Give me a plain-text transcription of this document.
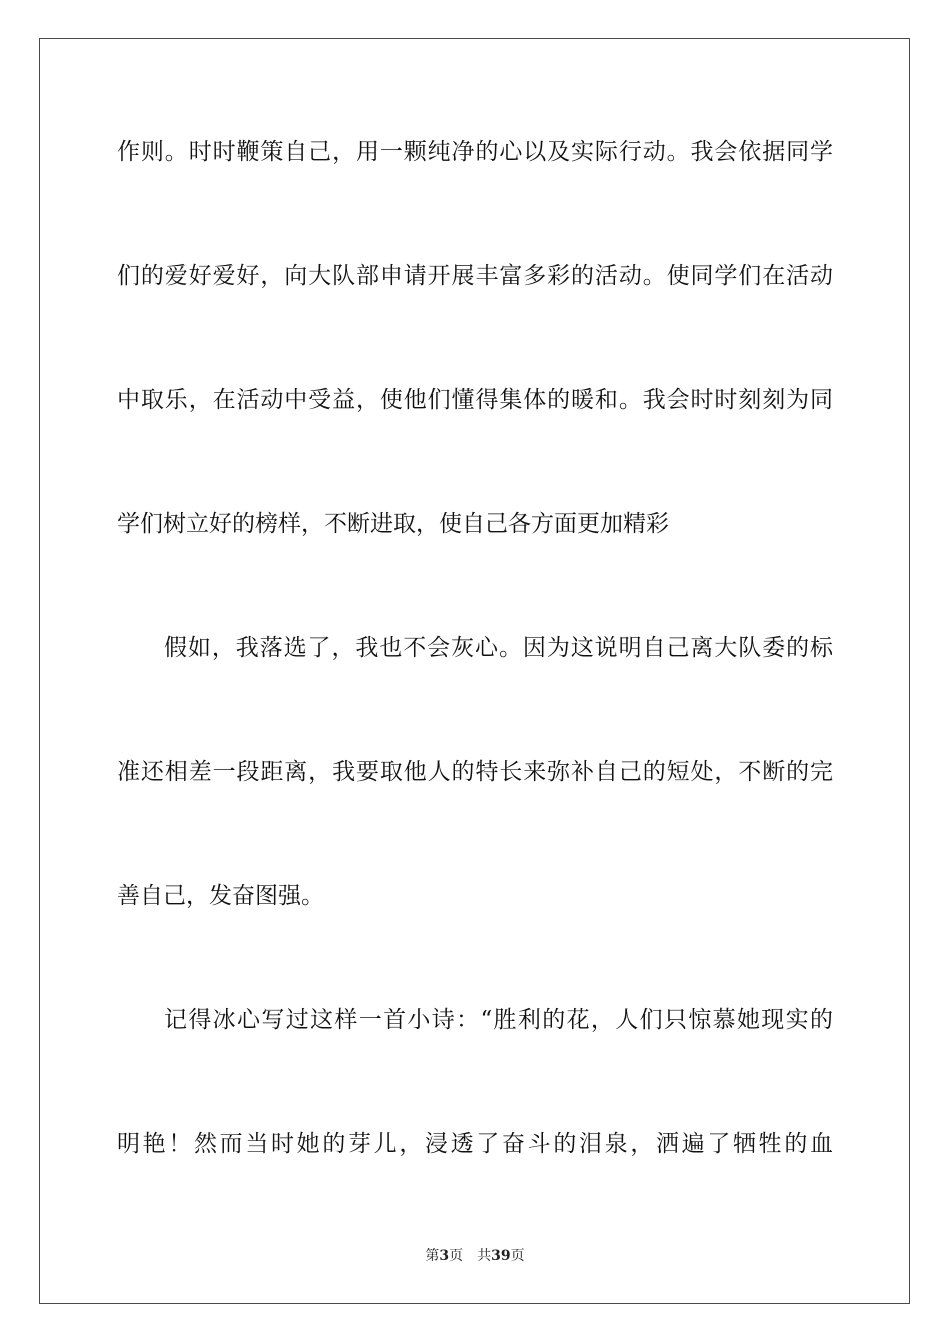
作则。时时鞭策自己，用一颗纯净的心以及实际行动。我会依据同学
们的爱好爱好，向大队部申请开展丰富多彩的活动。使同学们在活动
中取乐，在活动中受益，使他们懂得集体的暖和。我会时时刻刻为同
学们树立好的榜样，不断进取，使自己各方面更加精彩
假如，我落选了，我也不会灰心。因为这说明自己离大队委的标
准还相差一段距离，我要取他人的特长来弥补自己的短处，不断的完
善自己，发奋图强。
记得冰心写过这样一首小诗：“胜利的花，人们只惊慕她现实的
明艳！然而当时她的芽儿，浸透了奋斗的泪泉，洒遍了牺牲的血
第3页 共39页
